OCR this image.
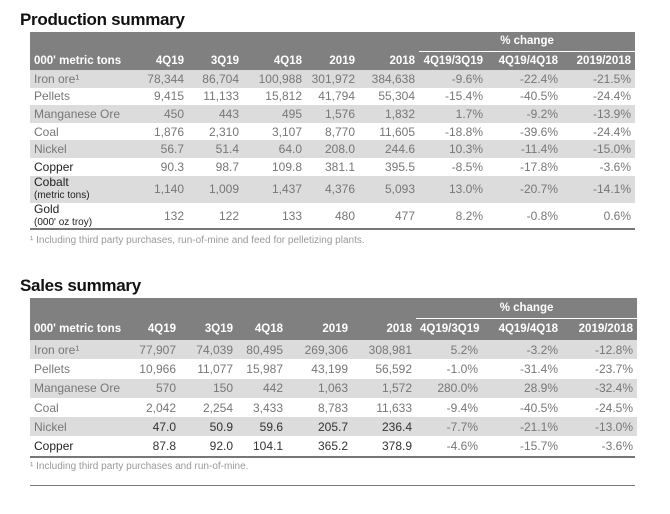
Production summary
						% change		
000' metric tons	4Q19	3Q19	4Q18	2019	2018	4Q19/3Q19	4Q19/4Q18	2019/2018
Iron ore¹	78,344	86,704	100,988	301,972	384,638	-9.6%	-22.4%	-21.5%
Pellets	9,415	11,133	15,812	41,794	55,304	-15.4%	-40.5%	-24.4%
Manganese Ore	450	443	495	1,576	1,832	1.7%	-9.2%	-13.9%
Coal	1,876	2,310	3,107	8,770	11,605	-18.8%	-39.6%	-24.4%
Nickel	56.7	51.4	64.0	208.0	244.6	10.3%	-11.4%	-15.0%
Copper	90.3	98.7	109.8	381.1	395.5	-8.5%	-17.8%	-3.6%
Cobalt
(metric tons)	1,140	1,009	1,437	4,376	5,093	13.0%	-20.7%	-14.1%
Gold
(000' oz troy)	132	122	133	480	477	8.2%	-0.8%	0.6%
¹ Including third party purchases, run-of-mine and feed for pelletizing plants.
Sales summary
						% change		
000' metric tons	4Q19	3Q19	4Q18	2019	2018	4Q19/3Q19	4Q19/4Q18	2019/2018
Iron ore¹	77,907	74,039	80,495	269,306	308,981	5.2%	-3.2%	-12.8%
Pellets	10,966	11,077	15,987	43,199	56,592	-1.0%	-31.4%	-23.7%
Manganese Ore	570	150	442	1,063	1,572	280.0%	28.9%	-32.4%
Coal	2,042	2,254	3,433	8,783	11,633	-9.4%	-40.5%	-24.5%
Nickel	47.0	50.9	59.6	205.7	236.4	-7.7%	-21.1%	-13.0%
Copper	87.8	92.0	104.1	365.2	378.9	-4.6%	-15.7%	-3.6%
¹ Including third party purchases and run-of-mine.
